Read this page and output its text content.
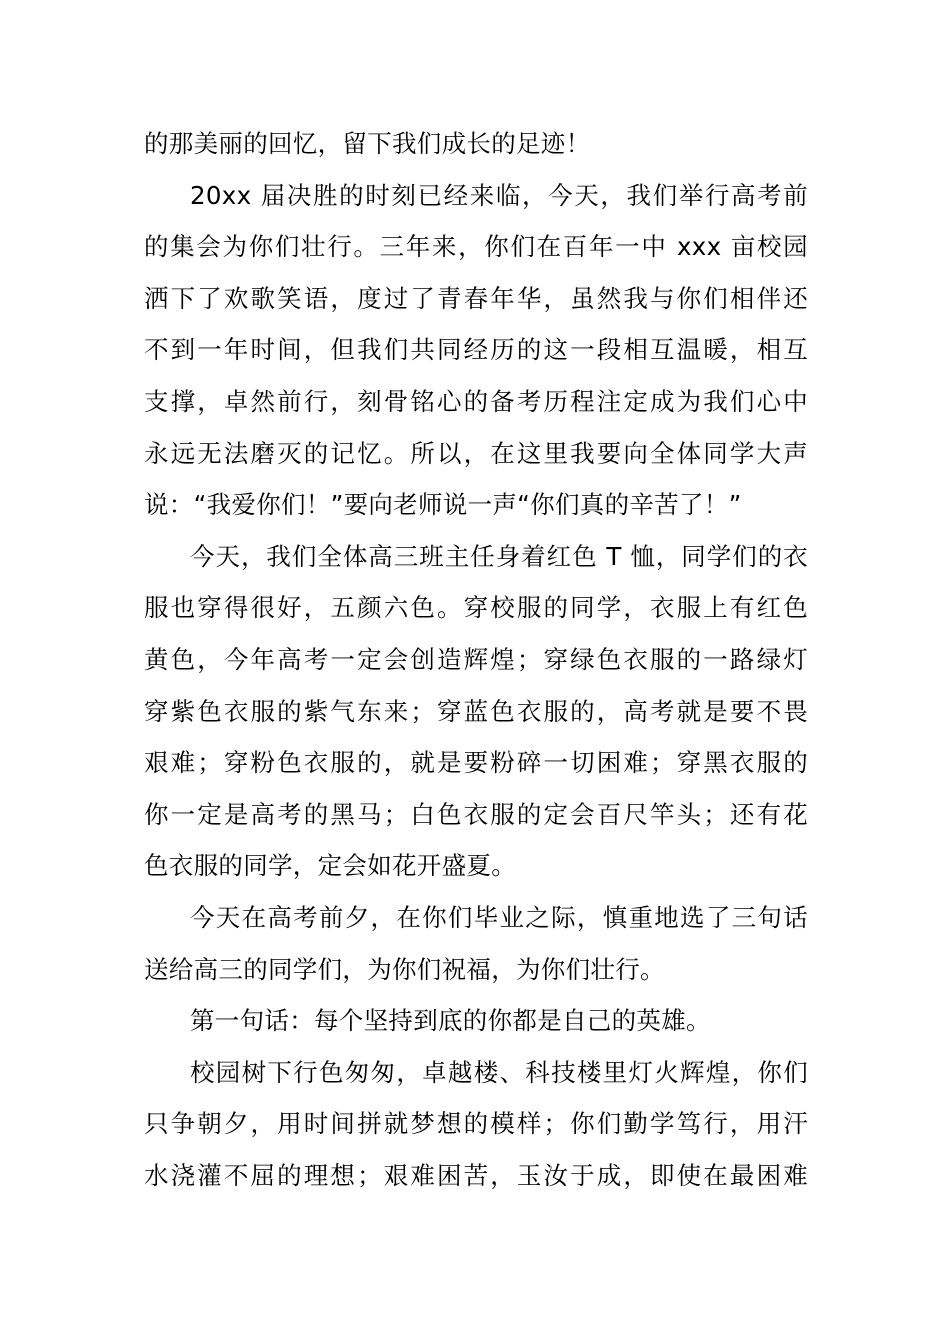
的那美丽的回忆，留下我们成长的足迹！
20xx 届决胜的时刻已经来临，今天，我们举行高考前
的集会为你们壮行。三年来，你们在百年一中 xxx 亩校园
洒下了欢歌笑语，度过了青春年华，虽然我与你们相伴还
不到一年时间，但我们共同经历的这一段相互温暖，相互
支撑，卓然前行，刻骨铭心的备考历程注定成为我们心中
永远无法磨灭的记忆。所以，在这里我要向全体同学大声
说：“我爱你们！”要向老师说一声“你们真的辛苦了！”
今天，我们全体高三班主任身着红色 T 恤，同学们的衣
服也穿得很好，五颜六色。穿校服的同学，衣服上有红色
黄色，今年高考一定会创造辉煌；穿绿色衣服的一路绿灯
穿紫色衣服的紫气东来；穿蓝色衣服的，高考就是要不畏
艰难；穿粉色衣服的，就是要粉碎一切困难；穿黑衣服的
你一定是高考的黑马；白色衣服的定会百尺竿头；还有花
色衣服的同学，定会如花开盛夏。
今天在高考前夕，在你们毕业之际，慎重地选了三句话
送给高三的同学们，为你们祝福，为你们壮行。
第一句话：每个坚持到底的你都是自己的英雄。
校园树下行色匆匆，卓越楼、科技楼里灯火辉煌，你们
只争朝夕，用时间拼就梦想的模样；你们勤学笃行，用汗
水浇灌不屈的理想；艰难困苦，玉汝于成，即使在最困难
